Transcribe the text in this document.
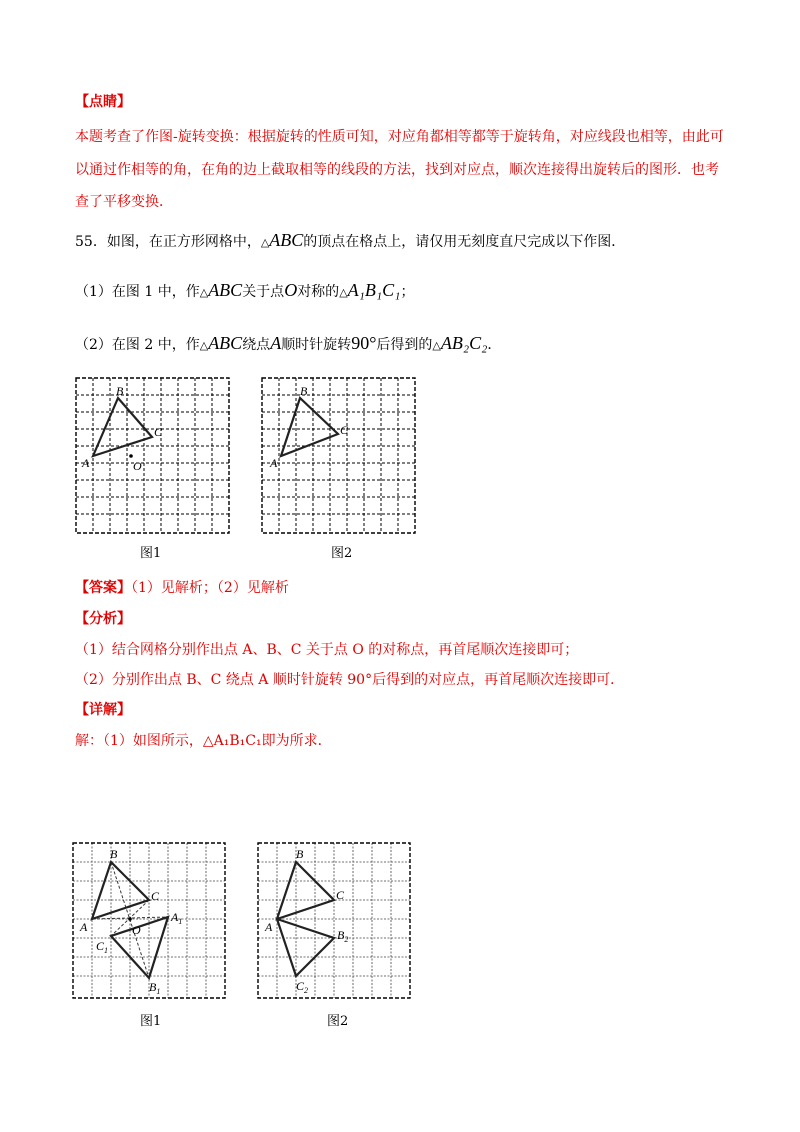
【点睛】
本题考查了作图-旋转变换：根据旋转的性质可知，对应角都相等都等于旋转角，对应线段也相等，由此可
以通过作相等的角，在角的边上截取相等的线段的方法，找到对应点，顺次连接得出旋转后的图形．也考
查了平移变换．
55．如图，在正方形网格中，△ABC的顶点在格点上，请仅用无刻度直尺完成以下作图．
（1）在图 1 中，作△ABC关于点O对称的△A₁B₁C₁；
（2）在图 2 中，作△ABC绕点A顺时针旋转90°后得到的△AB₂C₂．
A
B
C
O
图1
A
B
C
图2
【答案】（1）见解析；（2）见解析
【分析】
（1）结合网格分别作出点 A、B、C 关于点 O 的对称点，再首尾顺次连接即可；
（2）分别作出点 B、C 绕点 A 顺时针旋转 90°后得到的对应点，再首尾顺次连接即可．
【详解】
解：（1）如图所示，△A₁B₁C₁即为所求．
A
B
C
O
$A_1$
$B_1$
$C_1$
图1
A
B
C
$B_2$
$C_2$
图2
